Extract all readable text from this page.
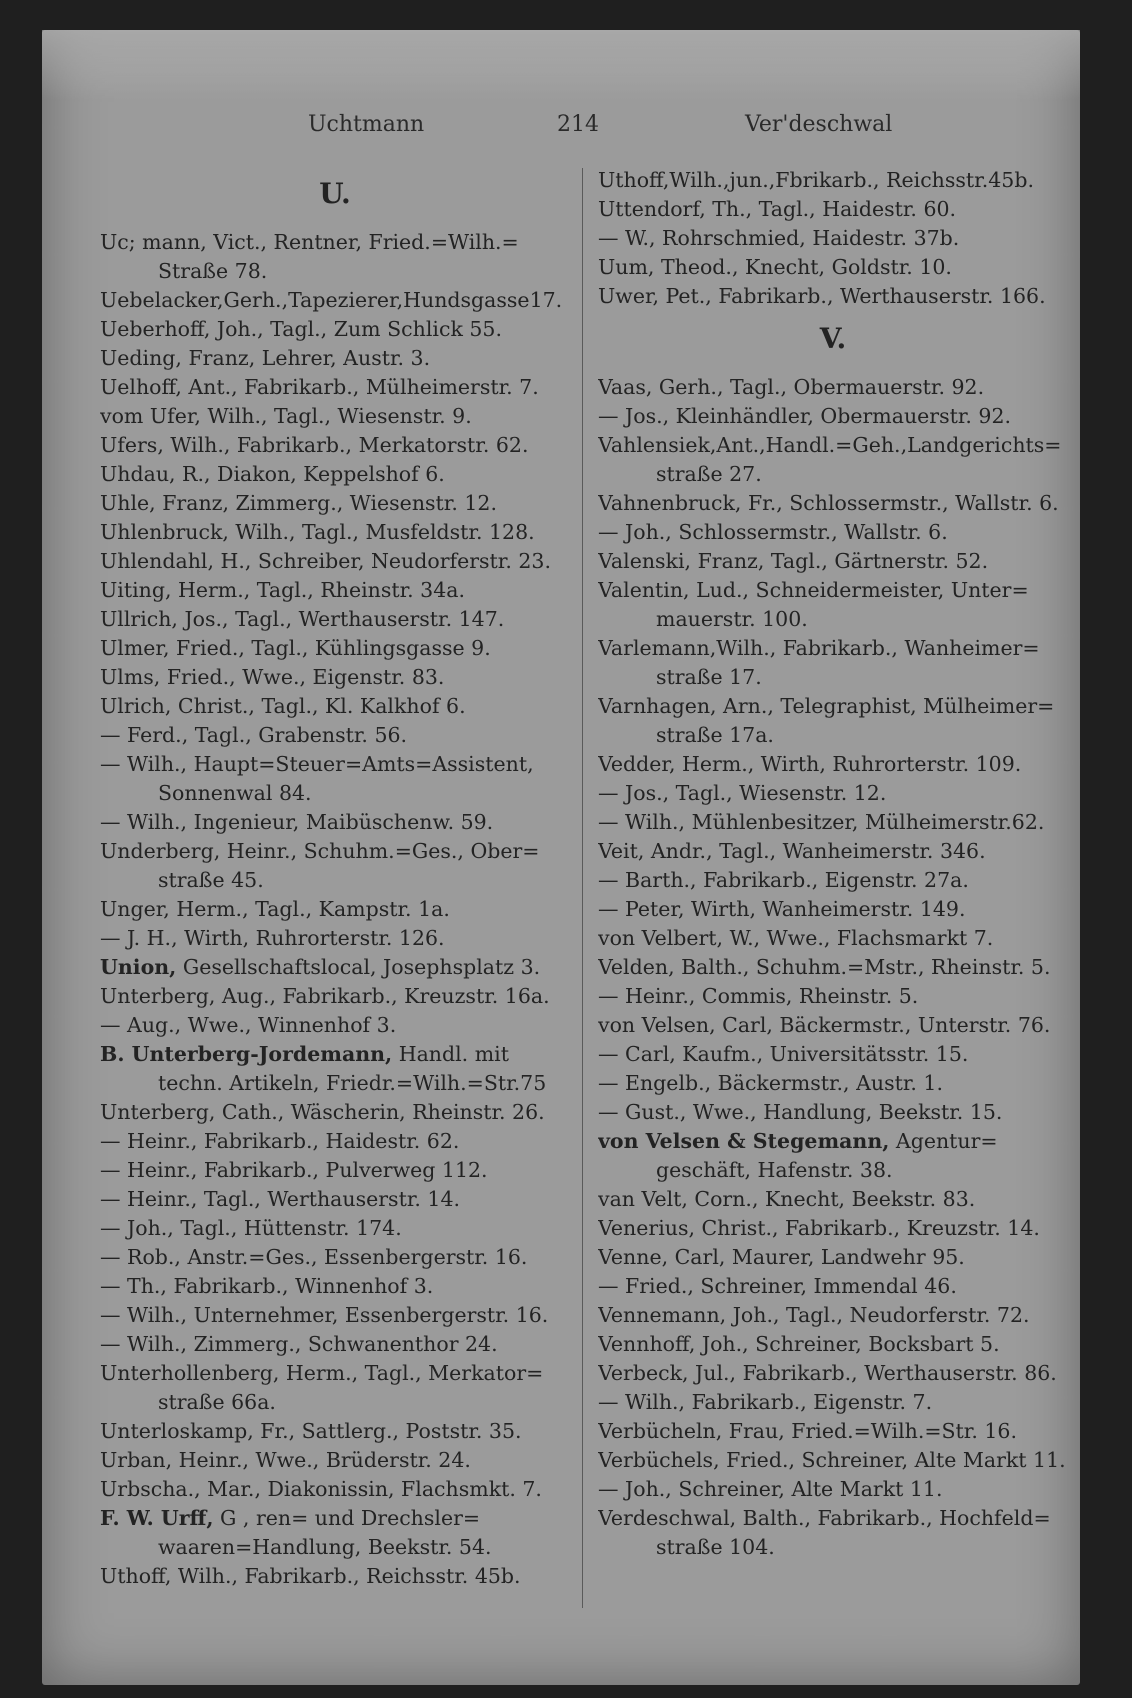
Uchtmann	214	Ver'deschwal
U.

Uc; mann, Vict., Rentner, Fried.=Wilh.=

Straße 78.

Uebelacker,Gerh.,Tapezierer,Hundsgasse17.

Ueberhoff, Joh., Tagl., Zum Schlick 55.

Ueding, Franz, Lehrer, Austr. 3.

Uelhoff, Ant., Fabrikarb., Mülheimerstr. 7.

vom Ufer, Wilh., Tagl., Wiesenstr. 9.

Ufers, Wilh., Fabrikarb., Merkatorstr. 62.

Uhdau, R., Diakon, Keppelshof 6.

Uhle, Franz, Zimmerg., Wiesenstr. 12.

Uhlenbruck, Wilh., Tagl., Musfeldstr. 128.

Uhlendahl, H., Schreiber, Neudorferstr. 23.

Uiting, Herm., Tagl., Rheinstr. 34a.

Ullrich, Jos., Tagl., Werthauserstr. 147.

Ulmer, Fried., Tagl., Kühlingsgasse 9.

Ulms, Fried., Wwe., Eigenstr. 83.

Ulrich, Christ., Tagl., Kl. Kalkhof 6.

— Ferd., Tagl., Grabenstr. 56.

— Wilh., Haupt=Steuer=Amts=Assistent,

Sonnenwal 84.

— Wilh., Ingenieur, Maibüschenw. 59.

Underberg, Heinr., Schuhm.=Ges., Ober=

straße 45.

Unger, Herm., Tagl., Kampstr. 1a.

— J. H., Wirth, Ruhrorterstr. 126.

Union, Gesellschaftslocal, Josephsplatz 3.

Unterberg, Aug., Fabrikarb., Kreuzstr. 16a.

— Aug., Wwe., Winnenhof 3.

B. Unterberg-Jordemann, Handl. mit

techn. Artikeln, Friedr.=Wilh.=Str.75

Unterberg, Cath., Wäscherin, Rheinstr. 26.

— Heinr., Fabrikarb., Haidestr. 62.

— Heinr., Fabrikarb., Pulverweg 112.

— Heinr., Tagl., Werthauserstr. 14.

— Joh., Tagl., Hüttenstr. 174.

— Rob., Anstr.=Ges., Essenbergerstr. 16.

— Th., Fabrikarb., Winnenhof 3.

— Wilh., Unternehmer, Essenbergerstr. 16.

— Wilh., Zimmerg., Schwanenthor 24.

Unterhollenberg, Herm., Tagl., Merkator=

straße 66a.

Unterloskamp, Fr., Sattlerg., Poststr. 35.

Urban, Heinr., Wwe., Brüderstr. 24.

Urbscha., Mar., Diakonissin, Flachsmkt. 7.

F. W. Urff, G , ren= und Drechsler=

waaren=Handlung, Beekstr. 54.

Uthoff, Wilh., Fabrikarb., Reichsstr. 45b.

Uthoff,Wilh.,jun.,Fbrikarb., Reichsstr.45b.

Uttendorf, Th., Tagl., Haidestr. 60.

— W., Rohrschmied, Haidestr. 37b.

Uum, Theod., Knecht, Goldstr. 10.

Uwer, Pet., Fabrikarb., Werthauserstr. 166.

V.

Vaas, Gerh., Tagl., Obermauerstr. 92.

— Jos., Kleinhändler, Obermauerstr. 92.

Vahlensiek,Ant.,Handl.=Geh.,Landgerichts=

straße 27.

Vahnenbruck, Fr., Schlossermstr., Wallstr. 6.

— Joh., Schlossermstr., Wallstr. 6.

Valenski, Franz, Tagl., Gärtnerstr. 52.

Valentin, Lud., Schneidermeister, Unter=

mauerstr. 100.

Varlemann,Wilh., Fabrikarb., Wanheimer=

straße 17.

Varnhagen, Arn., Telegraphist, Mülheimer=

straße 17a.

Vedder, Herm., Wirth, Ruhrorterstr. 109.

— Jos., Tagl., Wiesenstr. 12.

— Wilh., Mühlenbesitzer, Mülheimerstr.62.

Veit, Andr., Tagl., Wanheimerstr. 346.

— Barth., Fabrikarb., Eigenstr. 27a.

— Peter, Wirth, Wanheimerstr. 149.

von Velbert, W., Wwe., Flachsmarkt 7.

Velden, Balth., Schuhm.=Mstr., Rheinstr. 5.

— Heinr., Commis, Rheinstr. 5.

von Velsen, Carl, Bäckermstr., Unterstr. 76.

— Carl, Kaufm., Universitätsstr. 15.

— Engelb., Bäckermstr., Austr. 1.

— Gust., Wwe., Handlung, Beekstr. 15.

von Velsen & Stegemann, Agentur=

geschäft, Hafenstr. 38.

van Velt, Corn., Knecht, Beekstr. 83.

Venerius, Christ., Fabrikarb., Kreuzstr. 14.

Venne, Carl, Maurer, Landwehr 95.

— Fried., Schreiner, Immendal 46.

Vennemann, Joh., Tagl., Neudorferstr. 72.

Vennhoff, Joh., Schreiner, Bocksbart 5.

Verbeck, Jul., Fabrikarb., Werthauserstr. 86.

— Wilh., Fabrikarb., Eigenstr. 7.

Verbücheln, Frau, Fried.=Wilh.=Str. 16.

Verbüchels, Fried., Schreiner, Alte Markt 11.

— Joh., Schreiner, Alte Markt 11.

Verdeschwal, Balth., Fabrikarb., Hochfeld=

straße 104.
